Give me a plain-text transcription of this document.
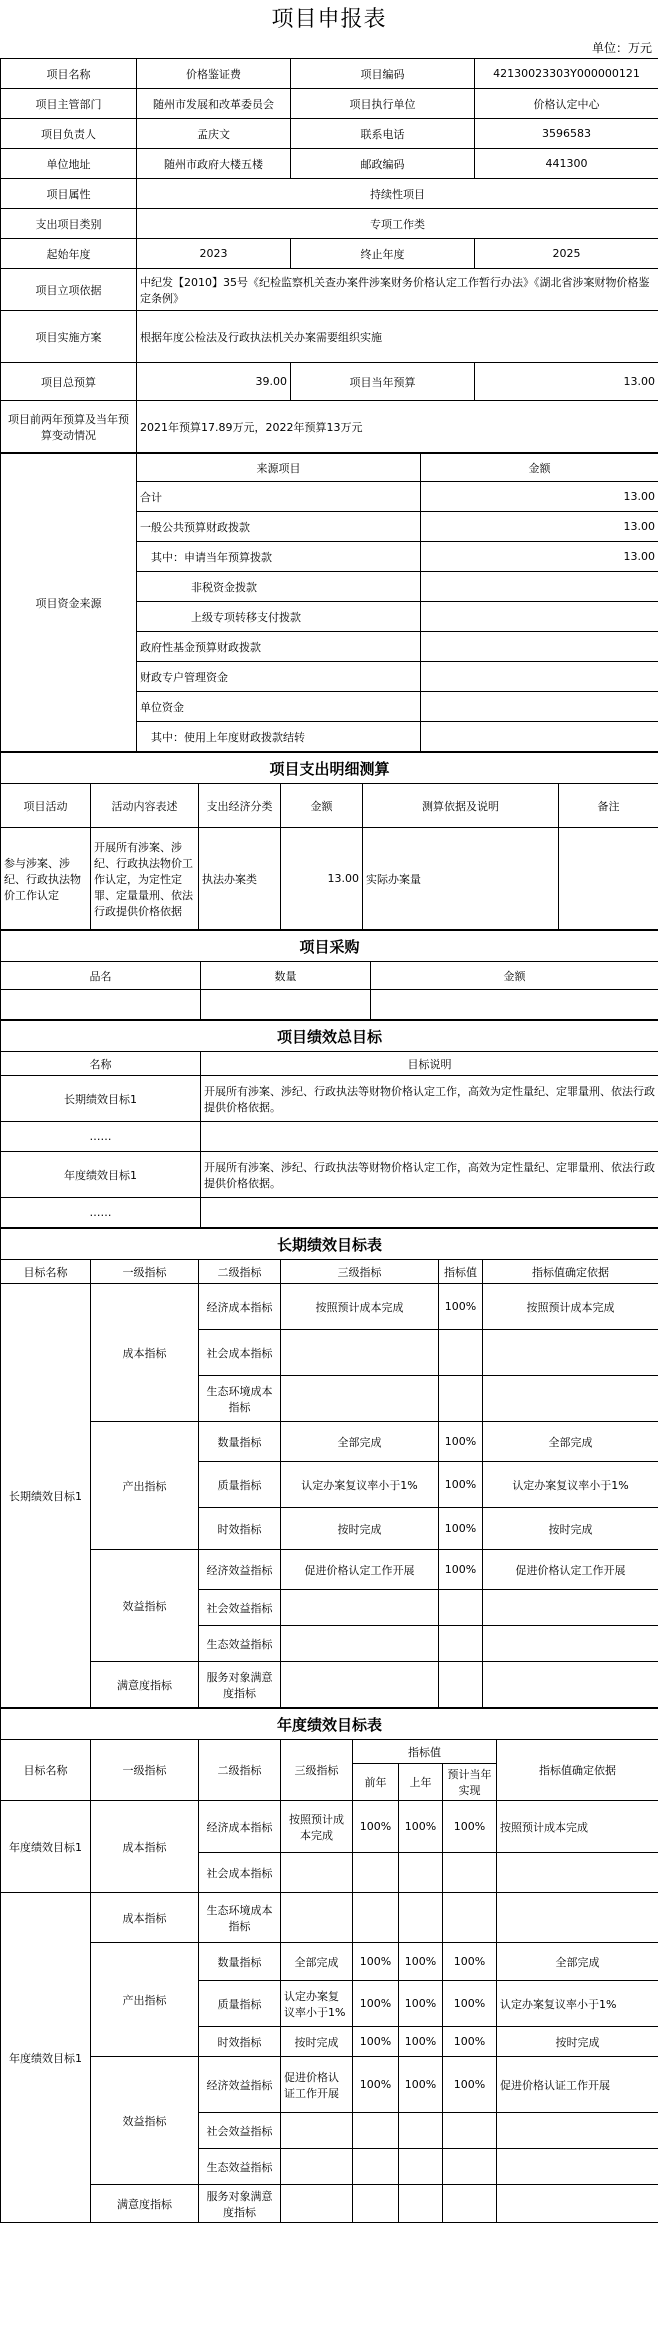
项目申报表
单位：万元
项目名称	价格鉴证费	项目编码	42130023303Y000000121
项目主管部门	随州市发展和改革委员会	项目执行单位	价格认定中心
项目负责人	孟庆文	联系电话	3596583
单位地址	随州市政府大楼五楼	邮政编码	441300
项目属性	持续性项目		
支出项目类别	专项工作类		
起始年度	2023	终止年度	2025
项目立项依据	中纪发【2010】35号《纪检监察机关查办案件涉案财务价格认定工作暂行办法》《湖北省涉案财物价格鉴定条例》		
项目实施方案	根据年度公检法及行政执法机关办案需要组织实施		
项目总预算	39.00	项目当年预算	13.00
项目前两年预算及当年预算变动情况	2021年预算17.89万元，2022年预算13万元		
项目资金来源	来源项目	金额
	合计	13.00
	一般公共预算财政拨款	13.00
	其中：申请当年预算拨款	13.00
	非税资金拨款	
	上级专项转移支付拨款	
	政府性基金预算财政拨款	
	财政专户管理资金	
	单位资金	
	其中：使用上年度财政拨款结转	
项目支出明细测算					
项目活动	活动内容表述	支出经济分类	金额	测算依据及说明	备注
参与涉案、涉纪、行政执法物价工作认定	开展所有涉案、涉纪、行政执法物价工作认定，为定性定罪、定量量刑、依法行政提供价格依据	执法办案类	13.00	实际办案量	
项目采购		
品名	数量	金额

项目绩效总目标	
名称	目标说明
长期绩效目标1	开展所有涉案、涉纪、行政执法等财物价格认定工作，高效为定性量纪、定罪量刑、依法行政提供价格依据。
……	
年度绩效目标1	开展所有涉案、涉纪、行政执法等财物价格认定工作，高效为定性量纪、定罪量刑、依法行政提供价格依据。
……	
长期绩效目标表					
目标名称	一级指标	二级指标	三级指标	指标值	指标值确定依据
长期绩效目标1	成本指标	经济成本指标	按照预计成本完成	100%	按照预计成本完成
		社会成本指标			
		生态环境成本指标			
	产出指标	数量指标	全部完成	100%	全部完成
		质量指标	认定办案复议率小于1%	100%	认定办案复议率小于1%
		时效指标	按时完成	100%	按时完成
	效益指标	经济效益指标	促进价格认定工作开展	100%	促进价格认定工作开展
		社会效益指标			
		生态效益指标			
	满意度指标	服务对象满意度指标			
年度绩效目标表							
目标名称	一级指标	二级指标	三级指标	指标值			指标值确定依据
				前年	上年	预计当年实现	
年度绩效目标1	成本指标	经济成本指标	按照预计成本完成	100%	100%	100%	按照预计成本完成
		社会成本指标					
年度绩效目标1	成本指标	生态环境成本指标					
	产出指标	数量指标	全部完成	100%	100%	100%	全部完成
		质量指标	认定办案复议率小于1%	100%	100%	100%	认定办案复议率小于1%
		时效指标	按时完成	100%	100%	100%	按时完成
	效益指标	经济效益指标	促进价格认证工作开展	100%	100%	100%	促进价格认证工作开展
		社会效益指标					
		生态效益指标					
	满意度指标	服务对象满意度指标					
